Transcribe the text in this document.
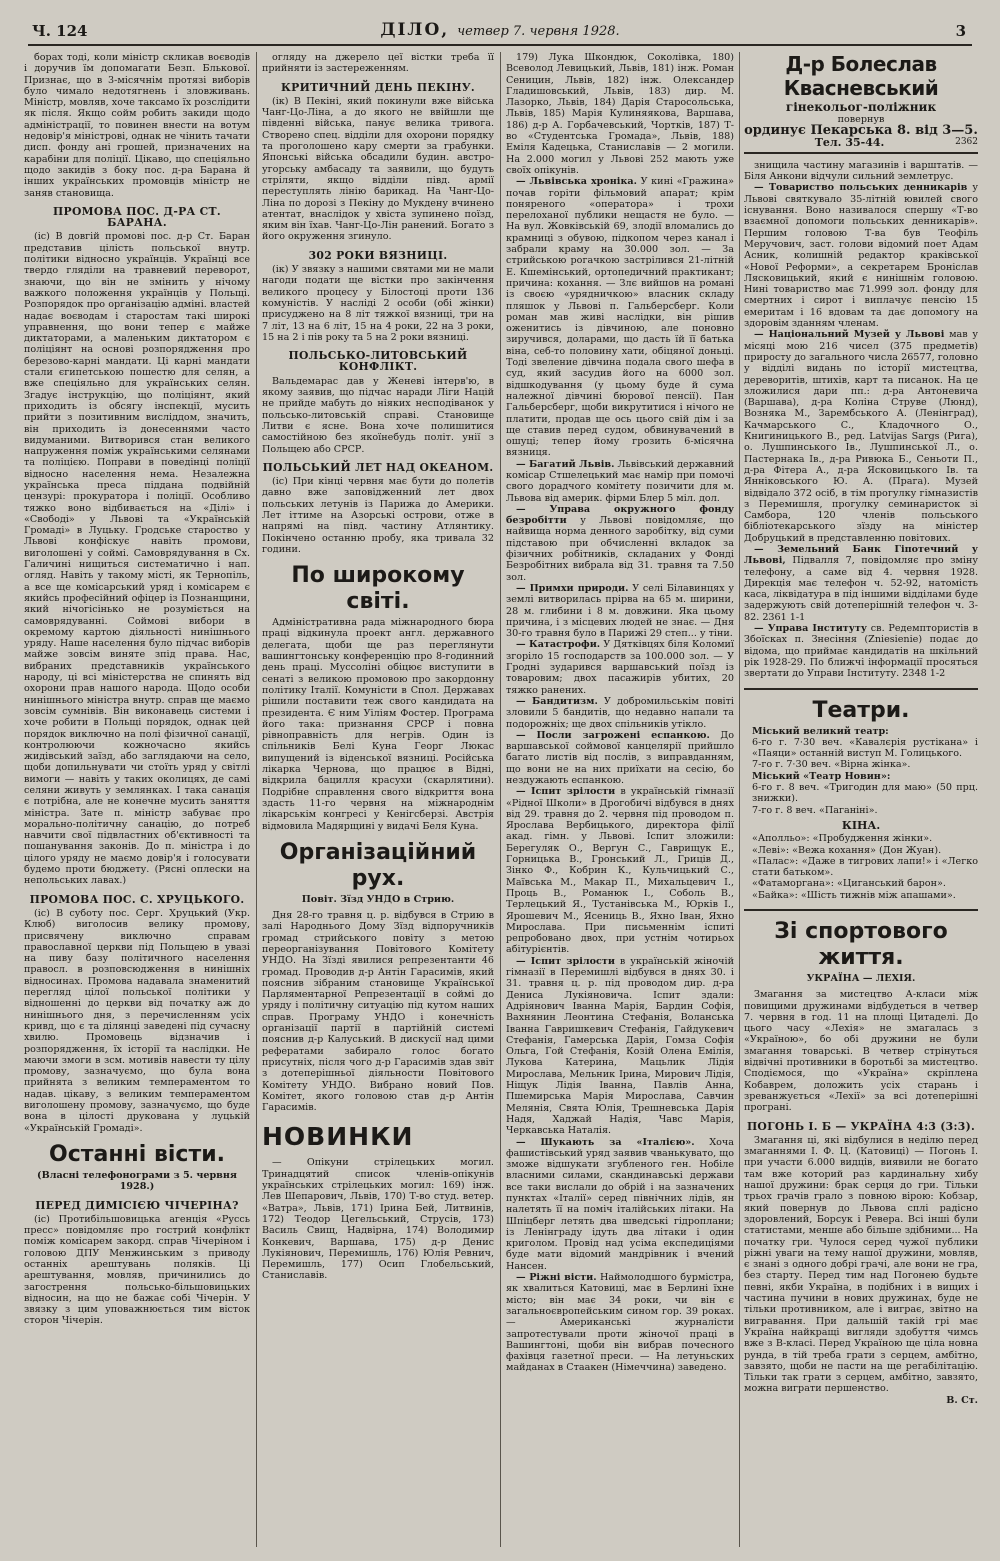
Ч. 124	ДІЛО, четвер 7. червня 1928.	3

бораx тоді, коли міністр скликав воєводів і доручив їм допомагати Безп. Блькової. Признає, що в 3-місячнім протязі виборів було чимало недотягнень і зловживань. Міністр, мовляв, хоче таксамо їх розслідити як після. Якщо сойм робить закиди щодо адміністрації, то повинен внести на вотум недовір'я міністрові, однак не чінить тачати дисп. фонду ані грошей, призначених на карабіни для поліції. Цікаво, що спеціяльно щодо закидів з боку пос. д-ра Барана й інших українських промовців міністр не заняв становища.

ПРОМОВА ПОС. Д-РА СТ. БАРАНА.

(іс) В довгій промові пос. д-р Ст. Баран представив цілість польської внутр. політики відносно українців. Українці все твердо гляділи на травневий переворот, знаючи, що він не змінить у нічому важкого положення українців у Польщі. Розпорядок про організацію адміні. властей надає воєводам і старостам такі широкі управнення, що вони тепер є майже диктаторами, а маленьким диктатором є поліціянт на основі розпорядження про березово-карні мандати. Ці карні мандати стали єгипетською пошестю для селян, а вже спеціяльно для українських селян. Згадує інструкцію, що поліціянт, який приходить із обсягу інспекції, мусить прийти з позитивним висліддом, значить, він приходить із донесеннями часто видуманими. Витворився стан великого напруження поміж українськими селянами та поліцією. Поправи в поведінці поліції відносно населення нема. Незалежна українська преса піддана подвійній цензурі: прокуратора і поліції. Особливо тяжко воно відбивається на «Ділі» і «Свободі» у Львові та «Українській Громаді» в Луцьку. Гродське староство у Львові конфіскує навіть промови, виголошені у соймі. Самоврядування в Сх. Галичині нищиться систематично і нап. огляд. Навіть у такому місті, як Тернопіль, а все ще комісарський уряд і комісарем є якийсь професійний офіцер із Познанщини, який нічогісінько не розуміється на самоврядуванні. Соймові вибори в окремому картою діяльності нинішнього уряду. Наше населення було підчас виборів майже зовсім виняте зпід права. Нас, вибраних представників українського народу, ці всі міністерства не спинять від охорони прав нашого народа. Щодо особи нинішнього міністра внутр. справ ще маємо зовсім сумнівів. Він виконавець системи і хоче робити в Польщі порядок, однак цей порядок виключно на полі фізичної санації, контролюючи кожночасно якийсь жидівський заїзд, або заглядаючи на село, щоби допильнувати чи стоїть уряд у світлі вимоги — навіть у таких околицях, де самі селяни живуть у землянках. І така санація є потрібна, але не конечне мусить заняття міністра. Зате п. міністр забуває про морально-політичну санацію, до потреб навчити свої підвластних об'єктивності та пошанування законів. До п. міністра і до цілого уряду не маємо довір'я і голосувати будемо проти бюджету. (Рясні оплески на непольських лавах.)

ПРОМОВА ПОС. С. ХРУЦЬКОГО.

(іс) В суботу пос. Серг. Хруцький (Укр. Клюб) виголосив велику промову, присвячену виключно справам православної церкви під Польщею в увазі на пиву базу політичного населення правосл. в розповсюдження в нинішніх відносинах. Промова надавала знаменитий перегляд цілої польської політики у відношенні до церкви від початку аж до нинішнього дня, з перечисленням усіх кривд, що є та ділянці заведені під сучасну хвилю. Промовець відзначив і розпорядження, їх історії та наслідки. Не маючи змоги в зсм. мотивів навести ту цілу промову, зазначуємо, що була вона прийнята з великим темпераментом то надав. цікаву, з великим темпераментом виголошену промову, зазначуємо, що буде вона в цілості друкована у луцькій «Українській Громаді».

Останні вісти.
(Власні телефонограми з 5. червня 1928.)
ПЕРЕД ДИМІСІЄЮ ЧІЧЕРІНА?

(іс) Протибільшовицька агенція «Руссь пресс» повідомляє про гострий конфлікт поміж комісарем закорд. справ Чічеріном і головою ДПУ Менжинським з приводу останніх арештувань поляків. Ці арештування, мовляв, причинились до загострення польсько-більшовицьких відносин, на що не бажає собі Чічерін. У звязку з цим уповажнюється тим вісток сторон Чічерін.

огляду на джерело цеї вістки треба її прийняти із застереженням.

КРИТИЧНИЙ ДЕНЬ ПЕКІНУ.

(ік) В Пекіні, який покинули вже війська Чанг-Цо-Ліна, а до якого не ввійшли ще південні війська, панує велика тривога. Створено спец. відділи для охорони порядку та проголошено кару смерти за грабунки. Японські війська обсадили будин. австро-угорську амбасаду та заявили, що будуть стріляти, якщо відділи півд. армії переступлять лінію барикад. На Чанг-Цо-Ліна по дорозі з Пекіну до Мукдену вчинено атентат, внаслідок у хвіста зупинено поїзд, яким він їхав. Чанг-Цо-Лін ранений. Богато з його окруження згинуло.

302 РОКИ ВЯЗНИЦІ.

(ік) У звязку з нашими святами ми не мали нагоди подати ще вістки про закінчення великого процесу у Білостоці проти 136 комуністів. У насліді 2 особи (обі жінки) присуджено на 8 літ тяжкої вязниці, три на 7 літ, 13 на 6 літ, 15 на 4 роки, 22 на 3 роки, 15 на 2 і пів року та 5 на 2 роки вязниці.

ПОЛЬСЬКО-ЛИТОВСЬКИЙ КОНФЛІКТ.

Вальдемарас дав у Женеві інтерв'ю, в якому заявив, що підчас наради Ліги Націй не прийде мабуть до ніяких несподіванок у польсько-литовській справі. Становище Литви є ясне. Вона хоче полишитися самостійною без якоїнебудь політ. унії з Польщею або СРСР.

ПОЛЬСЬКИЙ ЛЕТ НАД ОКЕАНОМ.

(іс) При кінці червня має бути до полетів давно вже заповідженний лет двох польських летунів із Парижа до Америки. Лет іттиме на Азорські острови, отже в напрямі на півд. частину Атлянтику. Покінчено останню пробу, яка тривала 32 години.

По широкому світі.

Адміністративна рада міжнародного бюра праці відкинула проект англ. державного делегата, щоби ще раз переглянути вашингтонську конференцію про 8-годинний день праці. Муссоліні обіцює виступити в сенаті з великою промовою про закордонну політику Італії. Комуністи в Спол. Державах рішили поставити теж свого кандидата на президента. Є ним Уіліям Фостер. Програма його така: признання СРСР і повна рівноправність для негрів. Один із спільників Белі Куна Георг Люкас випущений із віденської вязниці. Російська лікарка Чернова, що працює в Відні, відкрила бацилля красухи (скарлятини). Подрібне справлення свого відкриття вона здасть 11-го червня на міжнароднім лікарськім конгресі у Кенігсберзі. Австрія відмовила Мадярщині у видачі Беля Куна.

Організаційний рух.
Повіт. Зїзд УНДО в Стрию.

Дня 28-го травня ц. р. відбувся в Стрию в залі Народнього Дому Зїзд відпоручників громад стрийського повіту з метою переорганізування Повітового Комітету УНДО. На Зїзді явилися репрезентанти 46 громад. Проводив д-р Антін Гарасимів, який пояснив зібраним становище Української Парляментарної Репрезентації в соймі до уряду і політичну ситуацію під кутом наших справ. Програму УНДО і конечність організації партії в партійній системі пояснив д-р Калуський. В дискусії над цими рефератами забирало голос богато присутніх, після чого д-р Гарасимів здав звіт з дотеперішньої діяльности Повітового Комітету УНДО. Вибрано новий Пов. Комітет, якого головою став д-р Антін Гарасимів.

НОВИНКИ

— Опікуни стрілецьких могил. Тринадцятий список членів-опікунів українських стрілецьких могил: 169) інж. Лев Шепарович, Львів, 170) Т-во студ. ветер. «Ватра», Львів, 171) Ірина Бей, Литвинів, 172) Теодор Цегельський, Струсів, 173) Василь Свищ, Надвірна, 174) Володимир Конкевич, Варшава, 175) д-р Денис Лукіянович, Перемишль, 176) Юлія Ревнич, Перемишль, 177) Осип Глобельський, Станиславів.

179) Лука Шкондюк, Соколівка, 180) Всеволод Левицький, Львів, 181) інж. Роман Сеницин, Львів, 182) інж. Олександер Гладишовський, Львів, 183) дир. М. Лазорко, Львів, 184) Дарія Старосольська, Львів, 185) Марія Кулиняякова, Варшава, 186) д-р А. Горбачевський, Чортків, 187) Т-во «Студентська Громада», Львів, 188) Еміля Кадецька, Станиславів — 2 могили. На 2.000 могил у Львові 252 мають уже своїх опікунів.

— Львівська хроніка. У кині «Гражина» почав горіти фільмовий апарат; крім поняреного «оператора» і трохи перелоханої публики нещастя не було. — На вул. Жовківській 69, злодії вломались до крамниці з обувою, підкопом через канал і забрали краму на 30.000 зол. — За стрийською рогачкою застрілився 21-літній Е. Кшемінський, ортопедичний практикант; причина: кохання. — Злє вийшов на романі із своєю «урядничкою» власник складу пляшок у Львові п. Гальберсберг. Коли роман мав живі наслідки, він рішив оженитись із дівчиною, але поновно зиручився, доларами, що дасть їй її батька віна, себ-то половину хати, обіцяної доньці. Тоді звеление дівчина подала свого шефа в суд, який засудив його на 6000 зол. відшкодування (у цьому буде й сума належної дівчині бюрової пенсії). Пан Гальберсберг, щоби викрутитися і нічого не платити, продав ще ось цього свій дім і за ще ставив перед судом, обвинувачений в ошуці; тепер йому грозить 6-місячна вязниця.

— Багатий Львів. Львівський державний комісар Стшелецький має намір при помочі свого дорадчого комітету позичити для м. Львова від америк. фірми Блер 5 міл. дол.

— Управа окружного фонду безробітти у Львові повідомляє, що найвища норма денного заробітку, від суми підставою при обчисленні вкладок за фізичних робітників, складаних у Фонді Безробітних вибрала від 31. травня та 7.50 зол.

— Примхи природи. У селі Білавинцях у землі витворилась прірва на 65 м. ширини, 28 м. глибини і 8 м. довжини. Яка цьому причина, і з місцевих людей не знає. — Дня 30-го травня було в Парижі 29 степ... у тіни.

— Катастрофи. У Дятківцях біля Коломиї згоріло 15 господарств за 100.000 зол. — У Гродні зударився варшавський поїзд із товаровим; двох пасажирів убитих, 20 тяжко ранених.

— Бандитизм. У добромильськім повіті зловили 5 бандитів, що недавно напали та подорожніх; ще двох спільників утікло.

— Посли загрожені еспанкою. До варшавської соймової канцелярії прийшло багато листів від послів, з виправданням, що вони не на них приїхати на сесію, бо нездужають еспанкою.

— Іспит зрілости в українській гімназії «Рідної Школи» в Дрогобичі відбувся в днях від 29. травня до 2. червня під проводом п. Ярослава Вербицького, директора філії акад. гімн. у Львові. Іспит зложили: Берегуляк О., Вергун С., Гаврищук Е., Горницька В., Гронський Л., Гриців Д., Зінко Ф., Кобрин К., Кульчицький С., Маївська М., Макар П., Михальцевич І., Проць В., Романюк І., Соболь В., Терлецький Я., Тустанівська М., Юрків І., Ярошевич М., Ясениць В., Яхно Іван, Яхно Мирослава. При письменнім іспиті репробовано двох, при устнім чотирьох абітурієнтів.

— Іспит зрілости в українській жіночій гімназії в Перемишлі відбувся в днях 30. і 31. травня ц. р. під проводом дир. д-ра Дениса Лукіяновича. Іспит здали: Адріянович Іванна Марія, Бардин Софія, Вахнянин Леонтина Стефанія, Воланська Іванна Гавришкевич Стефанія, Гайдукевич Стефанія, Гамерська Дарія, Гомза Софія Ольга, Гой Стефанія, Козій Олена Емілія, Лукова Катерина, Мацьлик Лідія Мирослава, Мельник Ірина, Мирович Лідія, Ніщук Лідія Іванна, Павлів Анна, Пшемирська Марія Мирослава, Савчин Мелянія, Свята Юлія, Трешневська Дарія Надя, Хаджай Надія, Чавс Марія, Черкавська Наталія.

— Шукають за «Італією». Хоча фашистівський уряд заявив чванькувато, що зможе відшукати згубленого ген. Нобіле власними силами, скандинавські держави все таки вислали до обрій і на зазначених пунктах «Італії» серед північних лідів, ян налетять її на поміч італійських літаки. На Шпіцберг летять два шведські гідроплани; із Ленінграду ідуть два літаки і один криголом. Провід над усіма експедиціями буде мати відомий мандрівник і вчений Нансен.

— Ріжні вісти. Наймолодшого бурмістра, як хвалиться Катовиці, має в Берлині їхне місто; він має 34 роки, чи він є загальноєвропейським сином гор. 39 роках. — Американські журналісти запротестували проти жіночої праці в Вашингтоні, щоби він вибрав почесного фахівця газетної преси. — На летуньских майданах в Стаакен (Німеччина) заведено.

Д-р Болеслав Квасневський
гінекольог-поліжник
повернув
ординує Пекарська 8. від 3—5.
2362
Тел. 35-44.

знищила частину магазинів і варштатів. — Біля Анкони відчули сильний землетрус.

— Товариство польських денникарів у Львові святкувало 35-літній ювилей свого існування. Воно називалося спершу «Т-во взаємної допомоги польських денникарів». Першим головою Т-ва був Теофіль Меручович, заст. голови відомий поет Адам Асник, колишній редактор краківської «Нової Реформи», а секретарем Броніслав Лясковицький, який є нинішнім головою. Нині товариство має 71.999 зол. фонду для смертних і сирот і виплачує пенсію 15 емеритам і 16 вдовам та дає допомогу на здоровім зданням членам.

— Національний Музей у Львові мав у місяці мою 216 чисел (375 предметів) приросту до загального числа 26577, головно у відділі видань по історії мистецтва, дереворитів, штихів, карт та писанок. На це зложилися дари пп.: д-ра Антоневича (Варшава), д-ра Коліна Струве (Люнд), Возняка М., Зарембського А. (Ленінград), Качмарського С., Кладочного О., Книгиницького В., ред. Latvijas Sargs (Рига), о. Лушпинського Ів., Лушпинської Л., о. Пастернака Ів., д-ра Ривюка Б., Сеньоти П., д-ра Фітера А., д-ра Ясковицького Ів. та Янніковського Ю. А. (Прага). Музей відвідало 372 осіб, в тім прогулку гімназистів з Перемишля, прогулку семинаристок зі Самбора, 120 членів польського бібліотекарського зїзду на міністер Добруцький в представленню повітових.

— Земельний Банк Гіпотечний у Львові, Підвалля 7, повідомляє про зміну телефону, а саме від 4. червня 1928. Дирекція має телефон ч. 52-92, натомість каса, ліквідатура в під іншими відділами буде задержують свій дотеперішній телефон ч. 3-82. 2361 1-1

— Управа Інституту св. Редемптористів в Збоїсках п. Знесіння (Zniesienie) подає до відома, що приймає кандидатів на шкільний рік 1928-29. По ближчі інформації просяться звертати до Управи Інституту. 2348 1-2

Театри.

Міський великий театр:

6-го г. 7·30 веч. «Кавалєрія рустікана» і «Паяци» останній виступ М. Голицького.

7-го г. 7·30 веч. «Вірна жінка».

Міський «Театр Новин»:

6-го г. 8 веч. «Тригодин для маю» (50 прц. знижки).

7-го г. 8 веч. «Паганіні».

КІНА.

«Аполльо»: «Пробудження жінки».

«Леві»: «Вежа кохання» (Дон Жуан).

«Палас»: «Даже в тигрових лапи!» і «Легко стати батьком».

«Фатаморгана»: «Циганський барон».

«Байка»: «Шість тижнів між апашами».

Зі спортового життя.
УКРАЇНА — ЛЕХІЯ.

Змагання за мистецтво А-класи між повищими дружинами відбудеться в четвер 7. червня в год. 11 на площі Цитаделі. До цього часу «Лехія» не змагалась з «Україною», бо обі дружини не були змагання товарські. В четвер стрінуться відвічні противники в боротьбі за мистецтво. Сподіємося, що «Україна» скріплена Кобаврем, доложить усіх старань і зреванжується «Лехії» за всі дотеперішні програні.

ПОГОНЬ І. Б — УКРАЇНА 4:3 (3:3).

Змагання ці, які відбулися в неділю перед змаганнями І. Ф. Ц. (Катовиці) — Погонь І. при участи 6.000 видців, виявили не богато там вже которий раз кардинальну хибу нашої дружини: брак серця до гри. Тільки трьох грачів грало з повною вірою: Кобзар, який повернув до Львова сплі радісно здоровлений, Борсук і Ревера. Всі інші були статистами, менше або більше здібними... На початку гри. Чулося серед чужої публики ріжні уваги на тему нашої дружини, мовляв, є знані з одного добрі грачі, але вони не гра, без старту. Перед тим над Погонею будьте певні, якби Україна, в подібних і в вищих і частина пучини в нових дружинах, буде не тільки противником, але і виграє, звітно на вигравання. При дальшій такій грі має Україна найкращі вигляди здобуття чимсь вже з В-класі. Перед Україною ще ціла новна рунда, в тій треба грати з серцем, амбітно, завзято, щоби не пасти на ще регабілітацію. Тільки так грати з серцем, амбітно, завзято, можна виграти першенство.

В. Ст.
